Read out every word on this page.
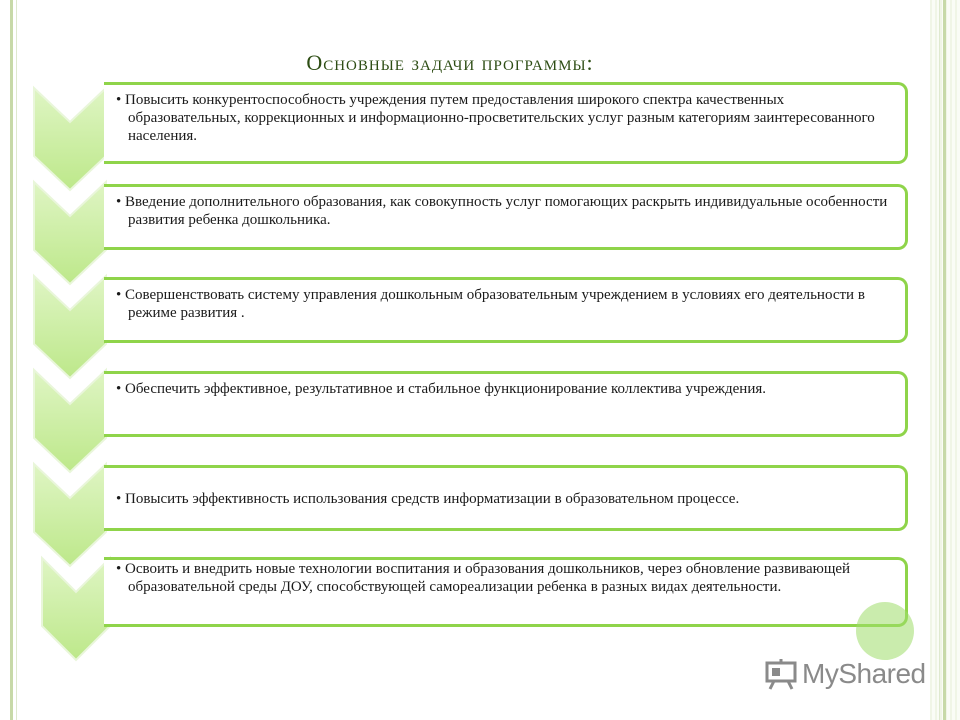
Основные задачи программы:
• Повысить конкурентоспособность учреждения путем предоставления широкого спектра качественных образовательных, коррекционных и информационно-просветительских услуг разным категориям заинтересованного населения.
• Введение дополнительного образования, как совокупность услуг помогающих раскрыть индивидуальные особенности развития ребенка дошкольника.
• Совершенствовать систему управления дошкольным образовательным учреждением в условиях его деятельности в режиме развития .
• Обеспечить эффективное, результативное и стабильное функционирование коллектива учреждения.
• Повысить эффективность использования средств информатизации в образовательном процессе.
• Освоить и внедрить новые технологии воспитания и образования дошкольников, через обновление развивающей образовательной среды ДОУ, способствующей самореализации ребенка в разных видах деятельности.
MyShared
